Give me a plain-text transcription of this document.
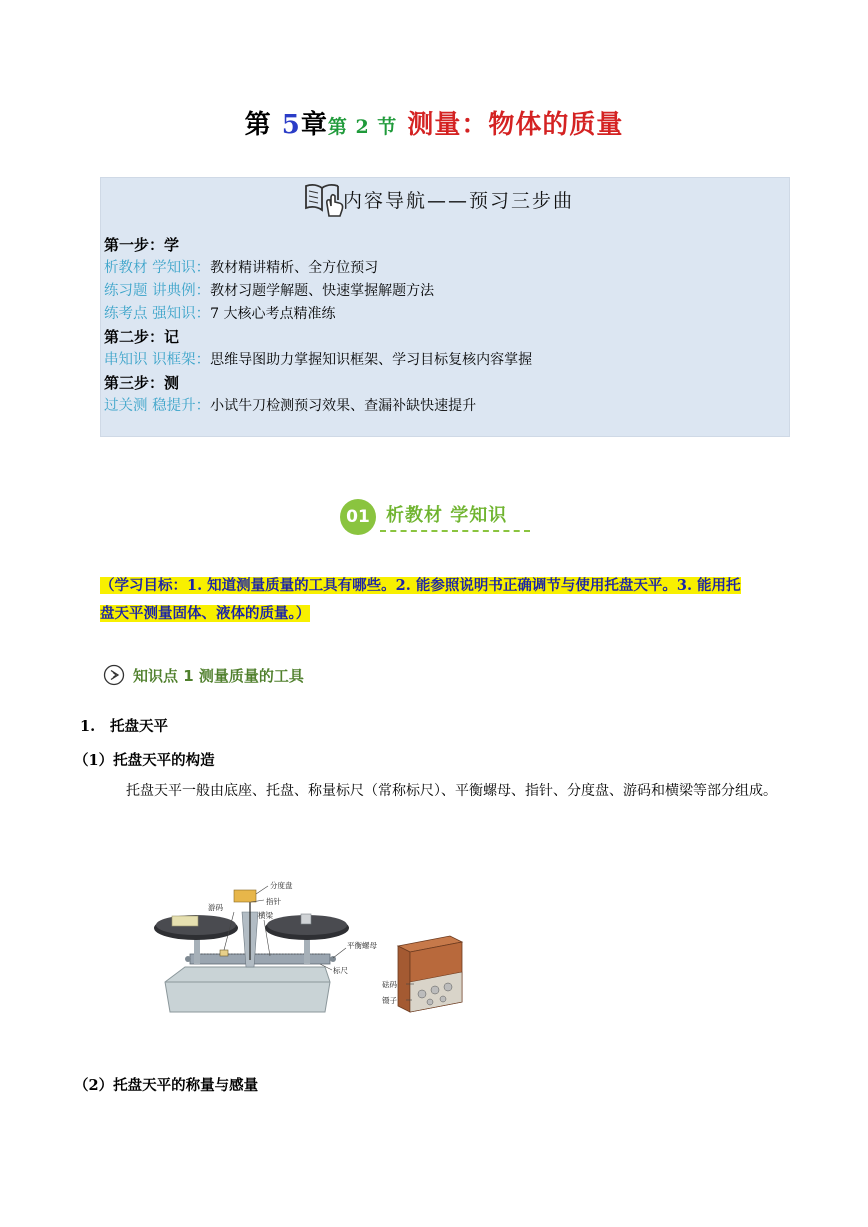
第 5章第 2 节 测量：物体的质量
内容导航——预习三步曲
第一步：学
析教材 学知识：教材精讲精析、全方位预习
练习题 讲典例：教材习题学解题、快速掌握解题方法
练考点 强知识：7 大核心考点精准练
第二步：记
串知识 识框架：思维导图助力掌握知识框架、学习目标复核内容掌握
第三步：测
过关测 稳提升：小试牛刀检测预习效果、查漏补缺快速提升
01 析教材 学知识
（学习目标：1. 知道测量质量的工具有哪些。2. 能参照说明书正确调节与使用托盘天平。3. 能用托
盘天平测量固体、液体的质量。）
知识点 1 测量质量的工具
1. 托盘天平
（1）托盘天平的构造
托盘天平一般由底座、托盘、称量标尺（常称标尺）、平衡螺母、指针、分度盘、游码和横梁等部分组成。
分度盘
指针
游码
横梁
平衡螺母
标尺
砝码
镊子
（2）托盘天平的称量与感量
